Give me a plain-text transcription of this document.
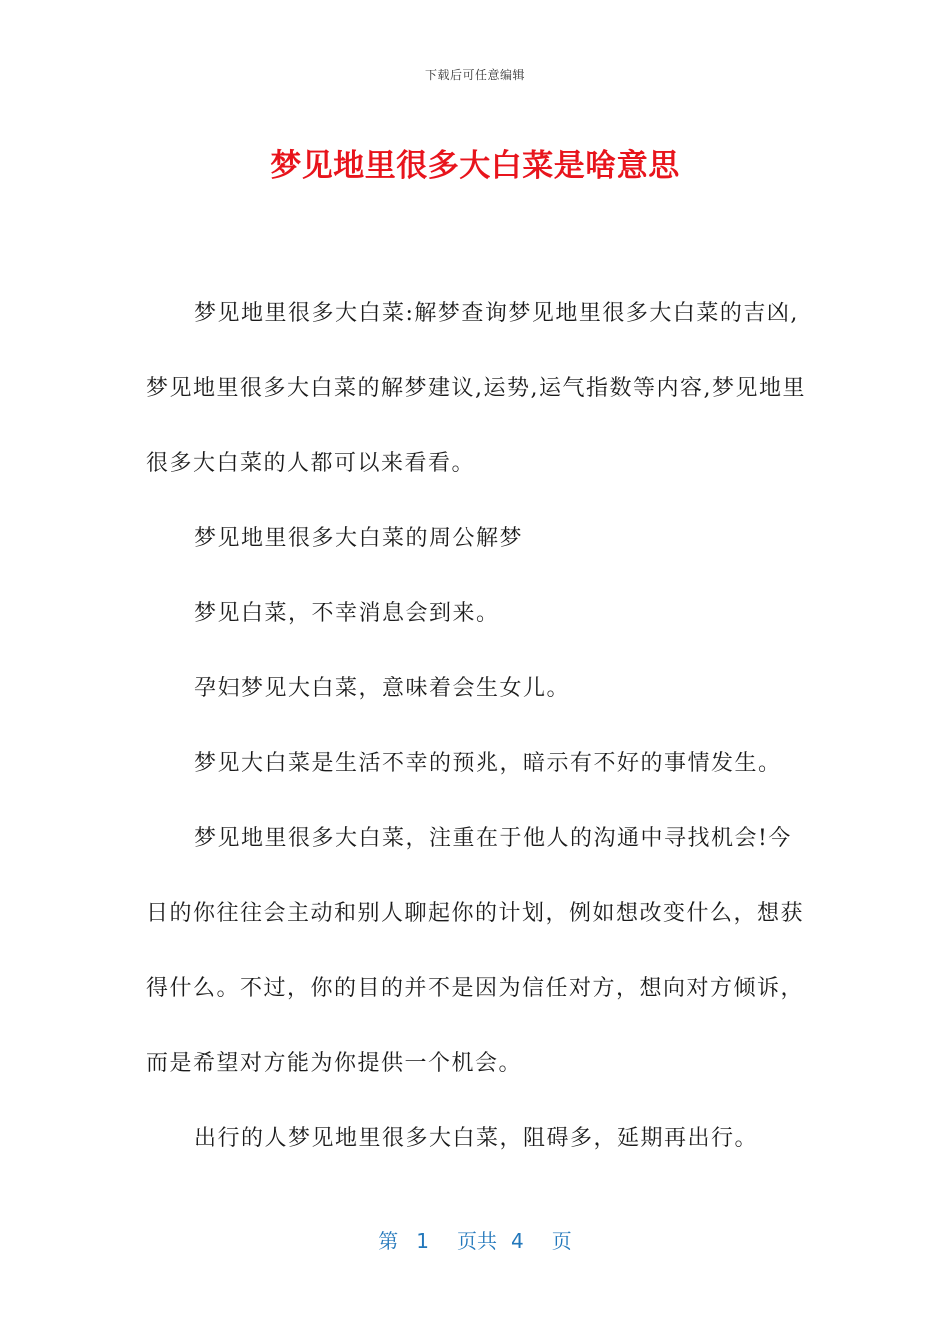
下载后可任意编辑
梦见地里很多大白菜是啥意思

梦见地里很多大白菜:解梦查询梦见地里很多大白菜的吉凶,梦见地里很多大白菜的解梦建议,运势,运气指数等内容,梦见地里很多大白菜的人都可以来看看。

梦见地里很多大白菜的周公解梦

梦见白菜，不幸消息会到来。

孕妇梦见大白菜，意味着会生女儿。

梦见大白菜是生活不幸的预兆，暗示有不好的事情发生。

梦见地里很多大白菜，注重在于他人的沟通中寻找机会!今日的你往往会主动和别人聊起你的计划，例如想改变什么，想获得什么。不过，你的目的并不是因为信任对方，想向对方倾诉，而是希望对方能为你提供一个机会。

出行的人梦见地里很多大白菜，阻碍多，延期再出行。

第 1 页共 4 页
